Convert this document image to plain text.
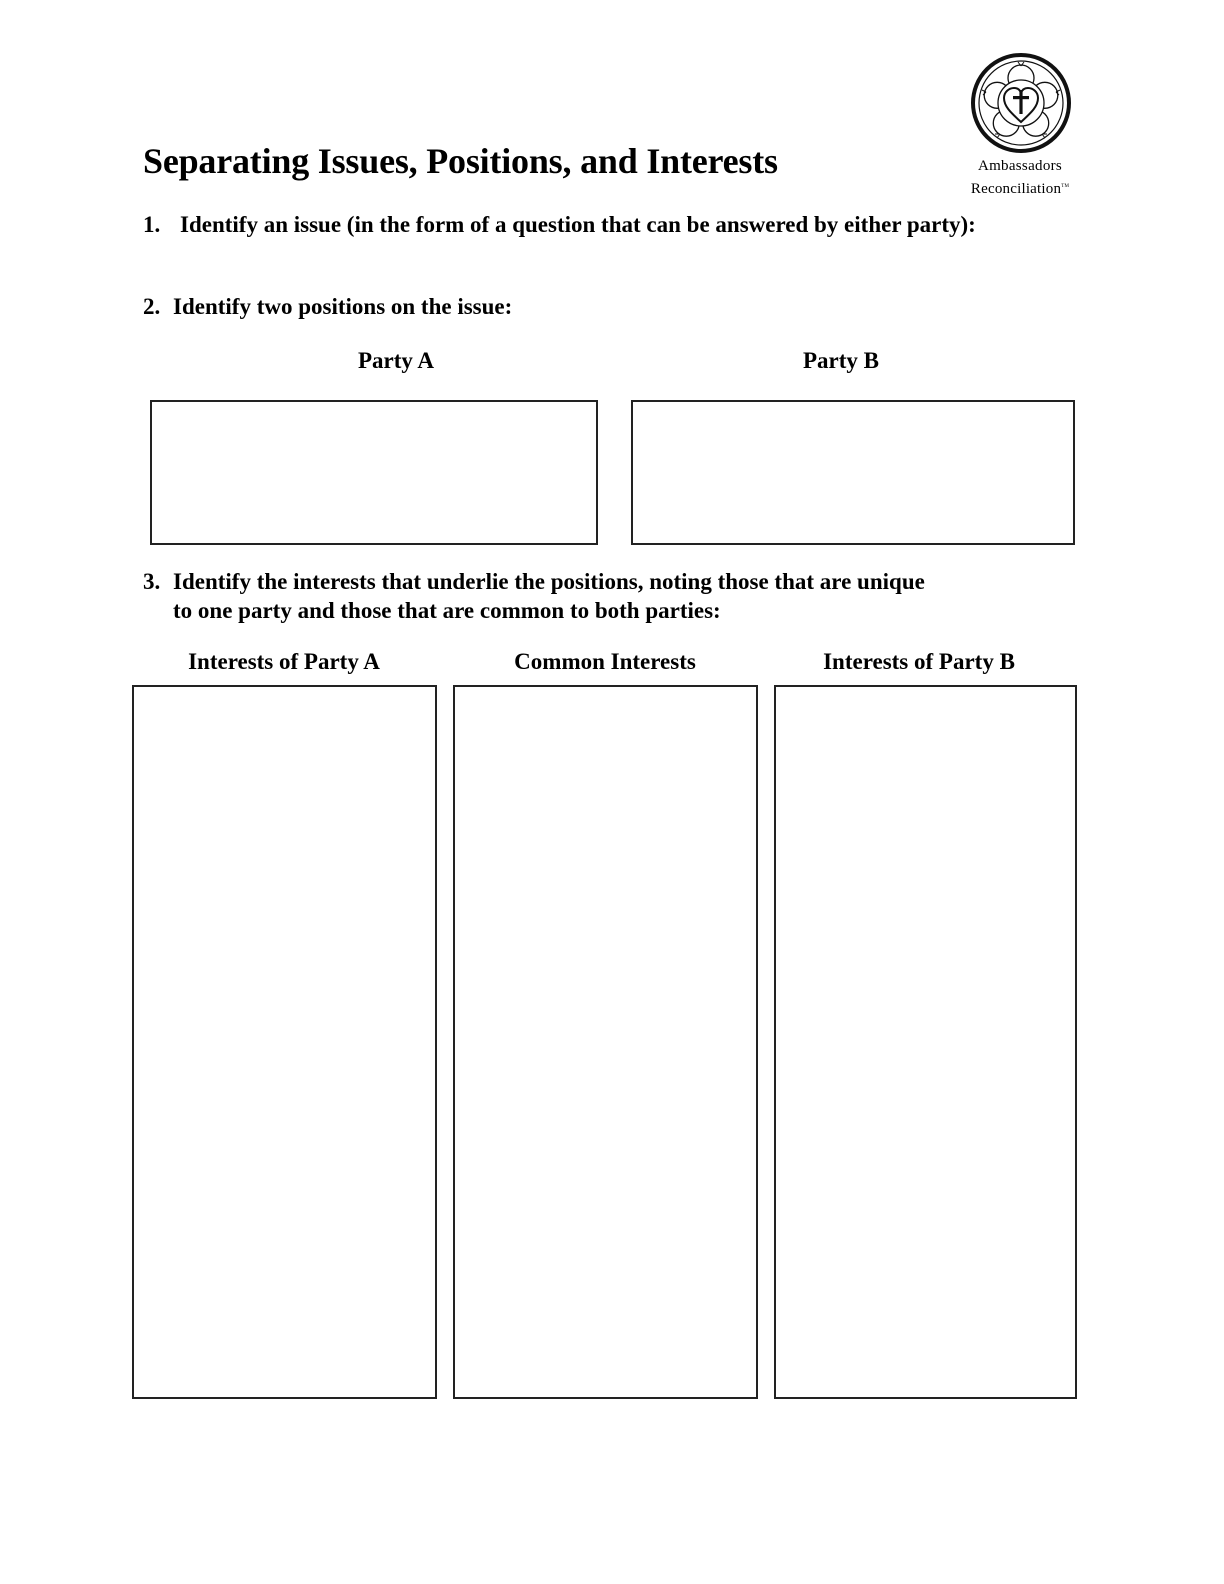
Separating Issues, Positions, and Interests	Ambassadors
Reconciliation™
1. Identify an issue (in the form of a question that can be answered by either party):
2. Identify two positions on the issue:
Party A	Party B
3. Identify the interests that underlie the positions, noting those that are unique
to one party and those that are common to both parties:
Interests of Party A	Common Interests	Interests of Party B
